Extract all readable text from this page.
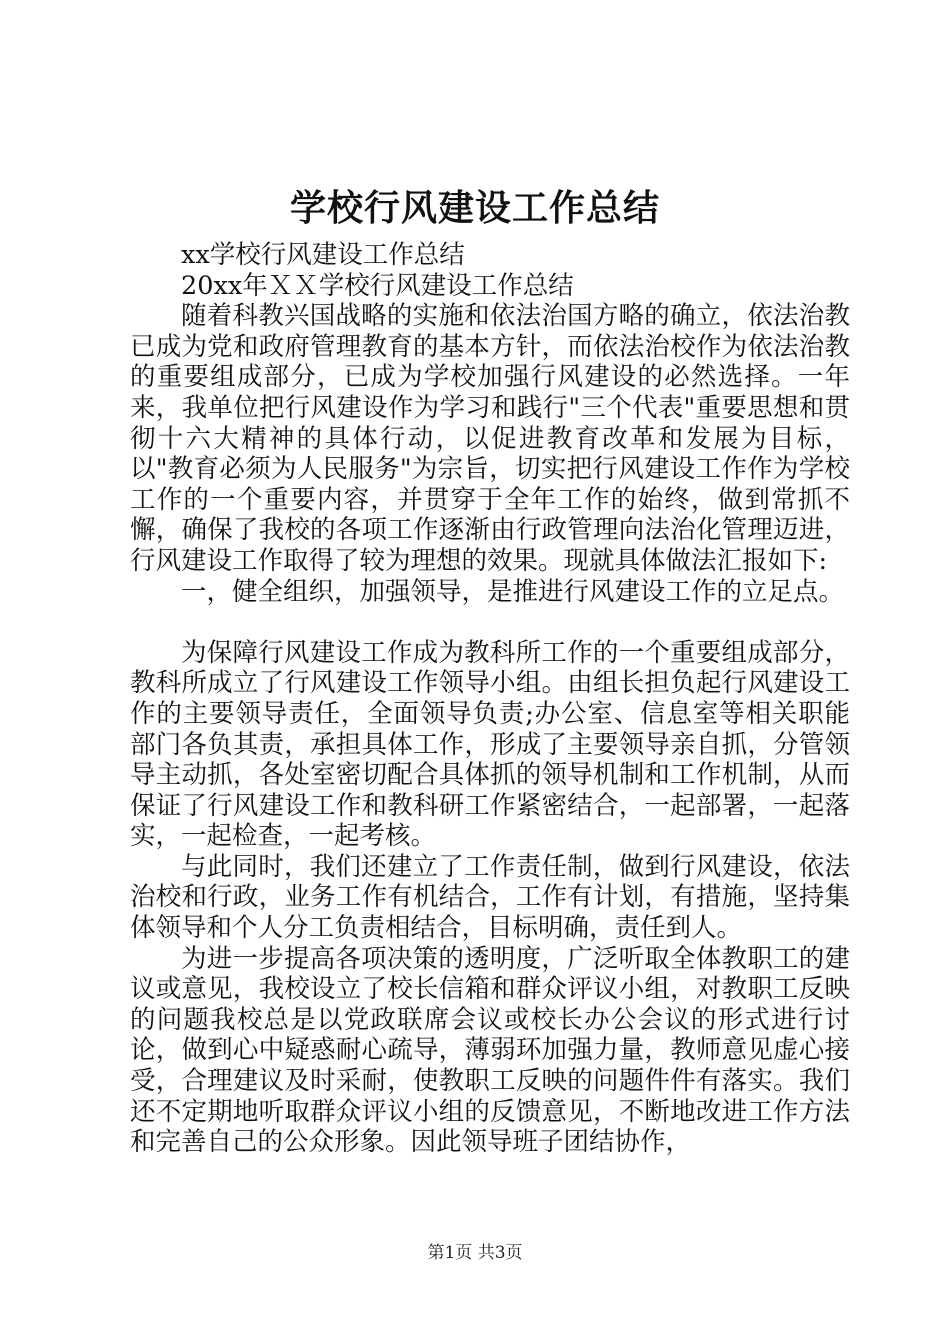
学校行风建设工作总结

xx学校行风建设工作总结

20xx年ＸＸ学校行风建设工作总结

随着科教兴国战略的实施和依法治国方略的确立，依法治教已成为党和政府管理教育的基本方针，而依法治校作为依法治教的重要组成部分，已成为学校加强行风建设的必然选择。一年来，我单位把行风建设作为学习和践行"三个代表"重要思想和贯彻十六大精神的具体行动，以促进教育改革和发展为目标，以"教育必须为人民服务"为宗旨，切实把行风建设工作作为学校工作的一个重要内容，并贯穿于全年工作的始终，做到常抓不懈，确保了我校的各项工作逐渐由行政管理向法治化管理迈进，行风建设工作取得了较为理想的效果。现就具体做法汇报如下:

一，健全组织，加强领导，是推进行风建设工作的立足点。

为保障行风建设工作成为教科所工作的一个重要组成部分，教科所成立了行风建设工作领导小组。由组长担负起行风建设工作的主要领导责任，全面领导负责;办公室、信息室等相关职能部门各负其责，承担具体工作，形成了主要领导亲自抓，分管领导主动抓，各处室密切配合具体抓的领导机制和工作机制，从而保证了行风建设工作和教科研工作紧密结合，一起部署，一起落实，一起检查，一起考核。

与此同时，我们还建立了工作责任制，做到行风建设，依法治校和行政，业务工作有机结合，工作有计划，有措施，坚持集体领导和个人分工负责相结合，目标明确，责任到人。

为进一步提高各项决策的透明度，广泛听取全体教职工的建议或意见，我校设立了校长信箱和群众评议小组，对教职工反映的问题我校总是以党政联席会议或校长办公会议的形式进行讨论，做到心中疑惑耐心疏导，薄弱环加强力量，教师意见虚心接受，合理建议及时采耐，使教职工反映的问题件件有落实。我们还不定期地听取群众评议小组的反馈意见，不断地改进工作方法和完善自己的公众形象。因此领导班子团结协作，

第1页 共3页
